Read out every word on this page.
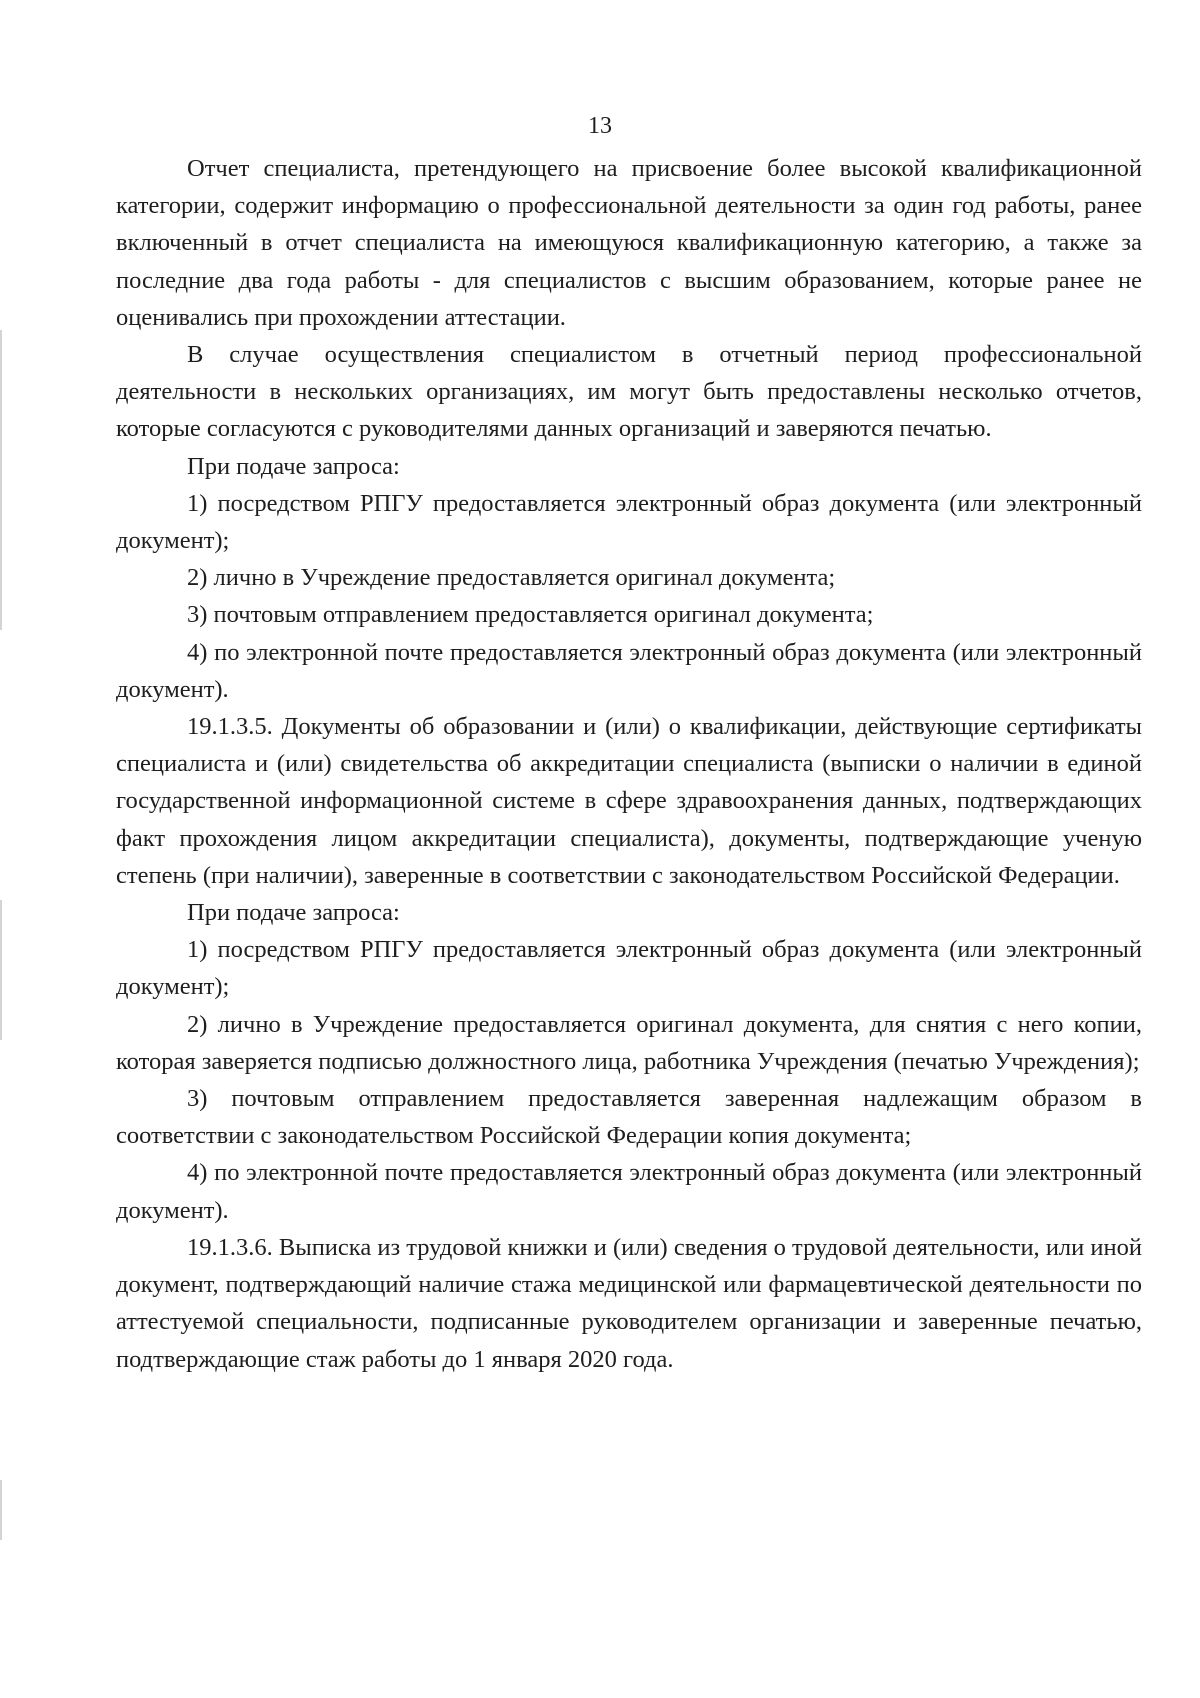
13

Отчет специалиста, претендующего на присвоение более высокой квалификационной категории, содержит информацию о профессиональной деятельности за один год работы, ранее включенный в отчет специалиста на имеющуюся квалификационную категорию, а также за последние два года работы - для специалистов с высшим образованием, которые ранее не оценивались при прохождении аттестации.

В случае осуществления специалистом в отчетный период профессиональной деятельности в нескольких организациях, им могут быть предоставлены несколько отчетов, которые согласуются с руководителями данных организаций и заверяются печатью.

При подаче запроса:

1) посредством РПГУ предоставляется электронный образ документа (или электронный документ);

2) лично в Учреждение предоставляется оригинал документа;

3) почтовым отправлением предоставляется оригинал документа;

4) по электронной почте предоставляется электронный образ документа (или электронный документ).

19.1.3.5. Документы об образовании и (или) о квалификации, действующие сертификаты специалиста и (или) свидетельства об аккредитации специалиста (выписки о наличии в единой государственной информационной системе в сфере здравоохранения данных, подтверждающих факт прохождения лицом аккредитации специалиста), документы, подтверждающие ученую степень (при наличии), заверенные в соответствии с законодательством Российской Федерации.

При подаче запроса:

1) посредством РПГУ предоставляется электронный образ документа (или электронный документ);

2) лично в Учреждение предоставляется оригинал документа, для снятия с него копии, которая заверяется подписью должностного лица, работника Учреждения (печатью Учреждения);

3) почтовым отправлением предоставляется заверенная надлежащим образом в соответствии с законодательством Российской Федерации копия документа;

4) по электронной почте предоставляется электронный образ документа (или электронный документ).

19.1.3.6. Выписка из трудовой книжки и (или) сведения о трудовой деятельности, или иной документ, подтверждающий наличие стажа медицинской или фармацевтической деятельности по аттестуемой специальности, подписанные руководителем организации и заверенные печатью, подтверждающие стаж работы до 1 января 2020 года.
